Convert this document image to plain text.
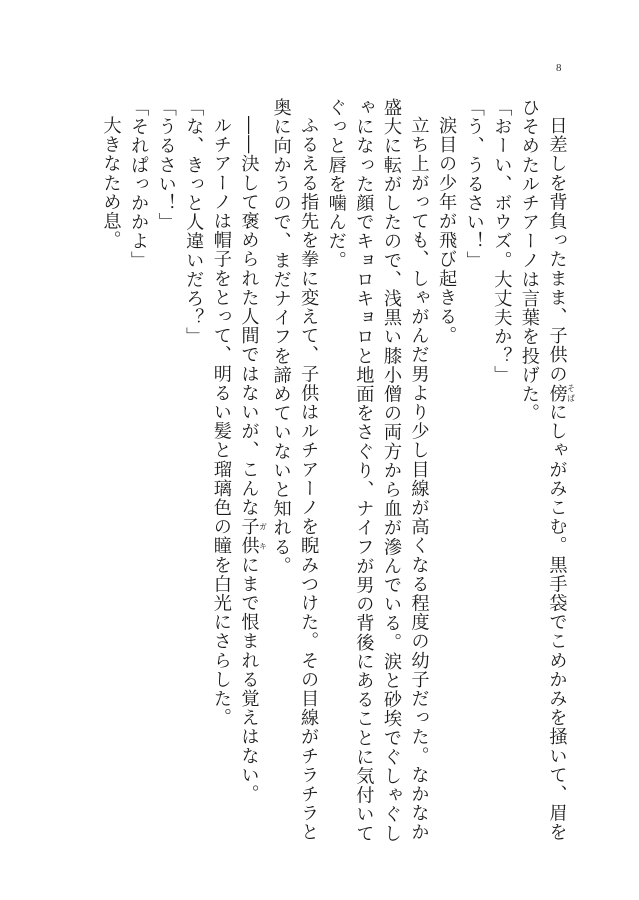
8

日差しを背負ったまま、子供の傍 そばにしゃがみこむ。黒手袋でこめかみを掻いて、眉をひそめたルチアーノは言葉を投げた。

「おーい、ボウズ。大丈夫か？」

「う、うるさい！」

涙目の少年が飛び起きる。

立ち上がっても、しゃがんだ男より少し目線が高くなる程度の幼子だった。なかなか盛大に転がしたので、浅黒い膝小僧の両方から血が滲んでいる。涙と砂埃でぐしゃぐしゃになった顔でキョロキョロと地面をさぐり、ナイフが男の背後にあることに気付いてぐっと唇を噛んだ。

ふるえる指先を拳に変えて、子供はルチアーノを睨みつけた。その目線がチラチラと奥に向かうので、まだナイフを諦めていないと知れる。

――決して褒められた人間ではないが、こんな子供 ガキにまで恨まれる覚えはない。

ルチアーノは帽子をとって、明るい髪と瑠璃色の瞳を白光にさらした。

「な、きっと人違いだろ？」

「うるさい！」

「それぱっかかよ」

大きなため息。
